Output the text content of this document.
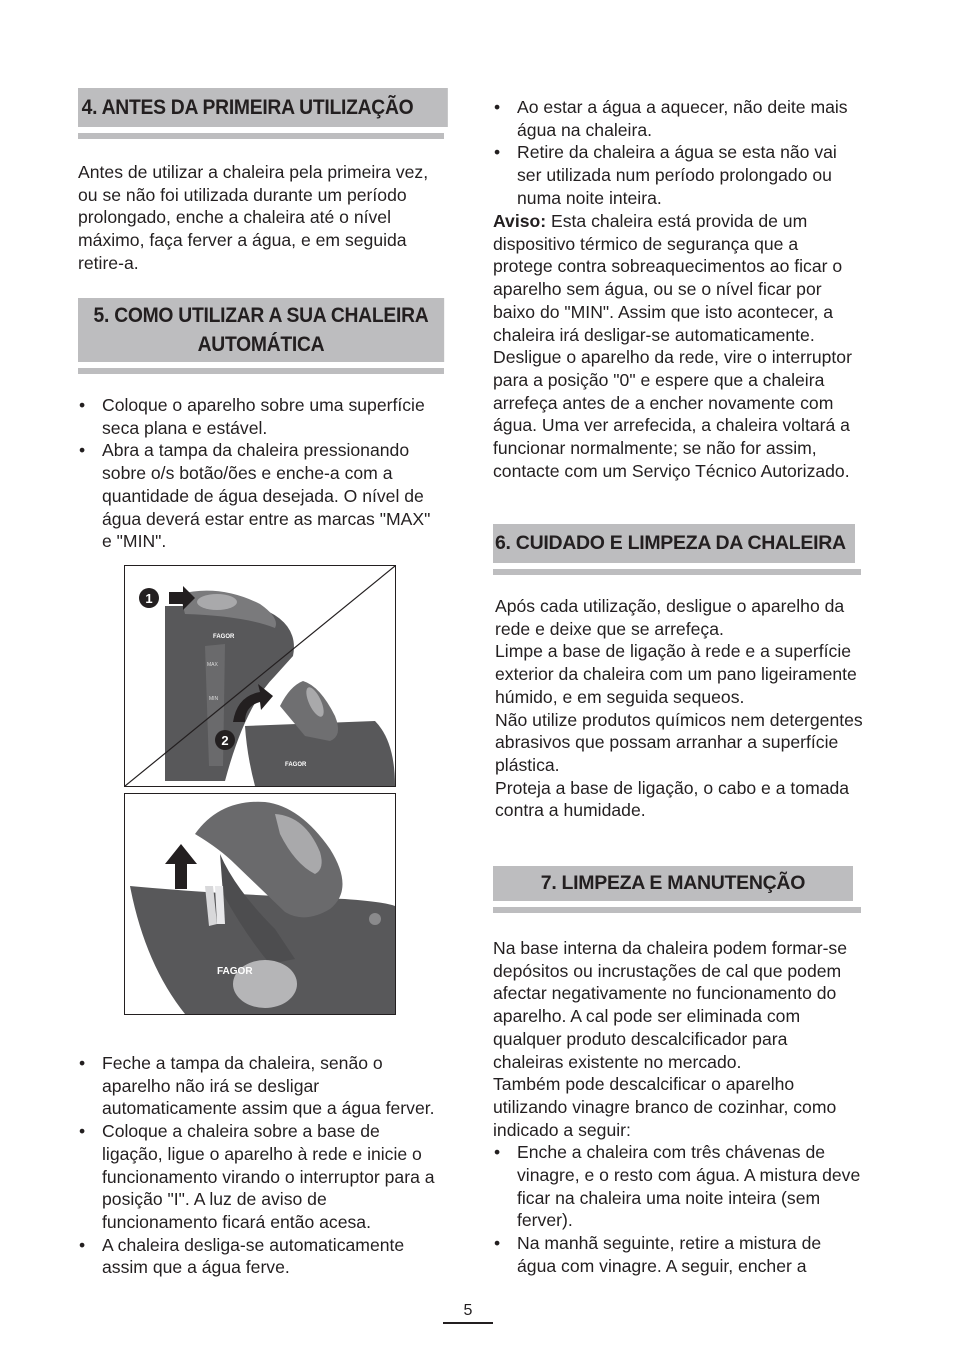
4. ANTES DA PRIMEIRA UTILIZAÇÃO

Antes de utilizar a chaleira pela primeira vez, ou se não foi utilizada durante um período prolongado, enche a chaleira até o nível máximo, faça ferver a água, e em seguida retire-a.

5. COMO UTILIZAR A SUA CHALEIRA
AUTOMÁTICA
• Coloque o aparelho sobre uma superfície seca plana e estável.
• Abra a tampa da chaleira pressionando sobre o/s botão/ões e enche-a com a quantidade de água desejada. O nível de água deverá estar entre as marcas "MAX" e "MIN".
FAGOR
MAX
MIN
FAGOR
1
2
FAGOR
• Feche a tampa da chaleira, senão o aparelho não irá se desligar automaticamente assim que a água ferver.
• Coloque a chaleira sobre a base de ligação, ligue o aparelho à rede e inicie o funcionamento virando o interruptor para a posição "I". A luz de aviso de funcionamento ficará então acesa.
• A chaleira desliga-se automaticamente assim que a água ferve.
• Ao estar a água a aquecer, não deite mais água na chaleira.
• Retire da chaleira a água se esta não vai ser utilizada num período prolongado ou numa noite inteira.

Aviso: Esta chaleira está provida de um dispositivo térmico de segurança que a protege contra sobreaquecimentos ao ficar o aparelho sem água, ou se o nível ficar por baixo do "MIN". Assim que isto acontecer, a chaleira irá desligar-se automaticamente. Desligue o aparelho da rede, vire o interruptor para a posição "0" e espere que a chaleira arrefeça antes de a encher novamente com água. Uma ver arrefecida, a chaleira voltará a funcionar normalmente; se não for assim, contacte com um Serviço Técnico Autorizado.

6. CUIDADO E LIMPEZA DA CHALEIRA

Após cada utilização, desligue o aparelho da rede e deixe que se arrefeça.

Limpe a base de ligação à rede e a superfície exterior da chaleira com um pano ligeiramente húmido, e em seguida sequeos.

Não utilize produtos químicos nem detergentes abrasivos que possam arranhar a superfície plástica.

Proteja a base de ligação, o cabo e a tomada contra a humidade.

7. LIMPEZA E MANUTENÇÃO

Na base interna da chaleira podem formar-se depósitos ou incrustações de cal que podem afectar negativamente no funcionamento do aparelho. A cal pode ser eliminada com qualquer produto descalcificador para chaleiras existente no mercado.

Também pode descalcificar o aparelho utilizando vinagre branco de cozinhar, como indicado a seguir:

• Enche a chaleira com três chávenas de vinagre, e o resto com água. A mistura deve ficar na chaleira uma noite inteira (sem ferver).
• Na manhã seguinte, retire a mistura de água com vinagre. A seguir, encher a
5
